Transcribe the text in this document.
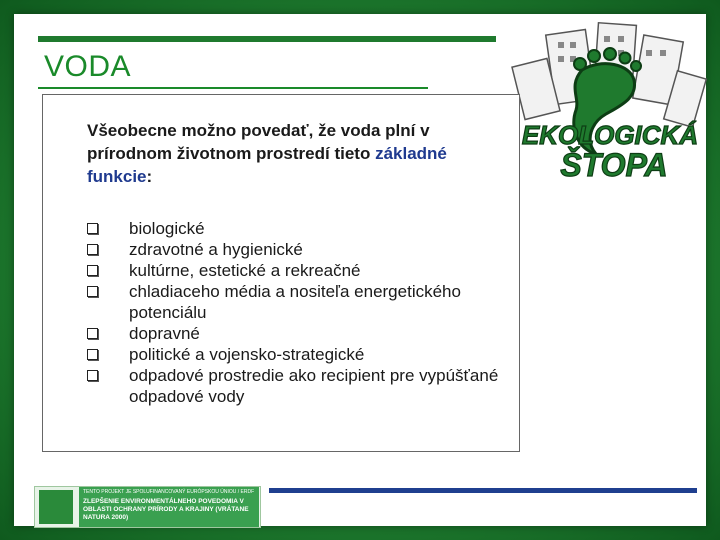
VODA
EKOLOGICKÁ
ŠTOPA
Všeobecne možno povedať, že voda plní v prírodnom životnom prostredí tieto základné funkcie:
biologické
zdravotné a hygienické
kultúrne, estetické a rekreačné
chladiaceho média a nositeľa energetického potenciálu
dopravné
politické a vojensko-strategické
odpadové prostredie ako recipient pre vypúšťané odpadové vody
TENTO PROJEKT JE SPOLUFINANCOVANÝ EURÓPSKOU ÚNIOU / ERDF
ZLEPŠENIE ENVIRONMENTÁLNEHO POVEDOMIA V OBLASTI OCHRANY PRÍRODY A KRAJINY (VRÁTANE NATURA 2000)
